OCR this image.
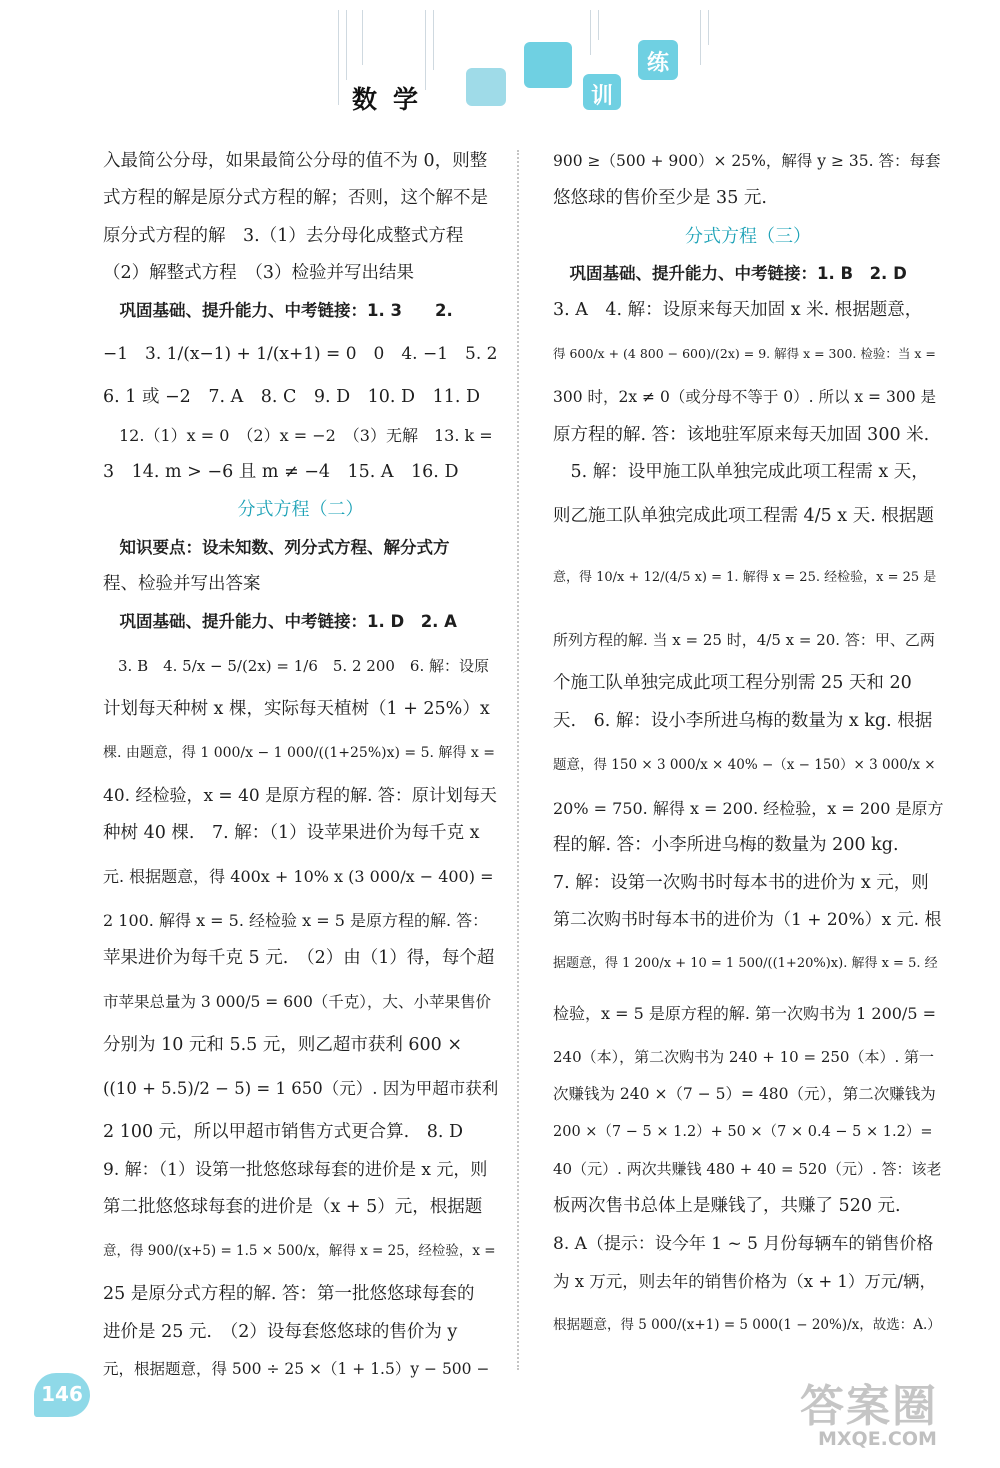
数学	训
练

入最简公分母，如果最简公分母的值不为 0，则整

式方程的解是原分式方程的解；否则，这个解不是

原分式方程的解　3.（1）去分母化成整式方程

（2）解整式方程　（3）检验并写出结果

　巩固基础、提升能力、中考链接：1. 3　　2.

−1　3. 1/(x−1) + 1/(x+1) = 0　0　4. −1　5. 2

6. 1 或 −2　7. A　8. C　9. D　10. D　11. D

　12.（1）x = 0　（2）x = −2　（3）无解　13. k =

3　14. m > −6 且 m ≠ −4　15. A　16. D

分式方程（二）

　知识要点：设未知数、列分式方程、解分式方

程、检验并写出答案

　巩固基础、提升能力、中考链接：1. D　2. A

　3. B　4. 5/x − 5/(2x) = 1/6　5. 2 200　6. 解：设原

计划每天种树 x 棵，实际每天植树（1 + 25%）x

棵. 由题意，得 1 000/x − 1 000/((1+25%)x) = 5. 解得 x =

40. 经检验，x = 40 是原方程的解. 答：原计划每天

种树 40 棵.　7. 解：（1）设苹果进价为每千克 x

元. 根据题意，得 400x + 10% x (3 000/x − 400) =

2 100. 解得 x = 5. 经检验 x = 5 是原方程的解. 答：

苹果进价为每千克 5 元.　（2）由（1）得，每个超

市苹果总量为 3 000/5 = 600（千克），大、小苹果售价

分别为 10 元和 5.5 元，则乙超市获利 600 ×

((10 + 5.5)/2 − 5) = 1 650（元）. 因为甲超市获利

2 100 元，所以甲超市销售方式更合算.　8. D

9. 解：（1）设第一批悠悠球每套的进价是 x 元，则

第二批悠悠球每套的进价是（x + 5）元，根据题

意，得 900/(x+5) = 1.5 × 500/x，解得 x = 25，经检验，x =

25 是原分式方程的解. 答：第一批悠悠球每套的

进价是 25 元.　（2）设每套悠悠球的售价为 y

元，根据题意，得 500 ÷ 25 ×（1 + 1.5）y − 500 −

900 ≥（500 + 900）× 25%，解得 y ≥ 35. 答：每套

悠悠球的售价至少是 35 元.

分式方程（三）

　巩固基础、提升能力、中考链接：1. B　2. D

3. A　4. 解：设原来每天加固 x 米. 根据题意，

得 600/x + (4 800 − 600)/(2x) = 9. 解得 x = 300. 检验：当 x =

300 时，2x ≠ 0（或分母不等于 0）. 所以 x = 300 是

原方程的解. 答：该地驻军原来每天加固 300 米.

　5. 解：设甲施工队单独完成此项工程需 x 天，

则乙施工队单独完成此项工程需 4/5 x 天. 根据题

意，得 10/x + 12/(4/5 x) = 1. 解得 x = 25. 经检验，x = 25 是

所列方程的解. 当 x = 25 时，4/5 x = 20. 答：甲、乙两

个施工队单独完成此项工程分别需 25 天和 20

天.　6. 解：设小李所进乌梅的数量为 x kg. 根据

题意，得 150 × 3 000/x × 40% −（x − 150）× 3 000/x ×

20% = 750. 解得 x = 200. 经检验，x = 200 是原方

程的解. 答：小李所进乌梅的数量为 200 kg.

7. 解：设第一次购书时每本书的进价为 x 元，则

第二次购书时每本书的进价为（1 + 20%）x 元. 根

据题意，得 1 200/x + 10 = 1 500/((1+20%)x). 解得 x = 5. 经

检验，x = 5 是原方程的解. 第一次购书为 1 200/5 =

240（本），第二次购书为 240 + 10 = 250（本）. 第一

次赚钱为 240 ×（7 − 5）= 480（元），第二次赚钱为

200 ×（7 − 5 × 1.2）+ 50 ×（7 × 0.4 − 5 × 1.2）=

40（元）. 两次共赚钱 480 + 40 = 520（元）. 答：该老

板两次售书总体上是赚钱了，共赚了 520 元.

8. A（提示：设今年 1 ~ 5 月份每辆车的销售价格

为 x 万元，则去年的销售价格为（x + 1）万元/辆，

根据题意，得 5 000/(x+1) = 5 000(1 − 20%)/x，故选：A.）

146	答案圈
MXQE.COM
